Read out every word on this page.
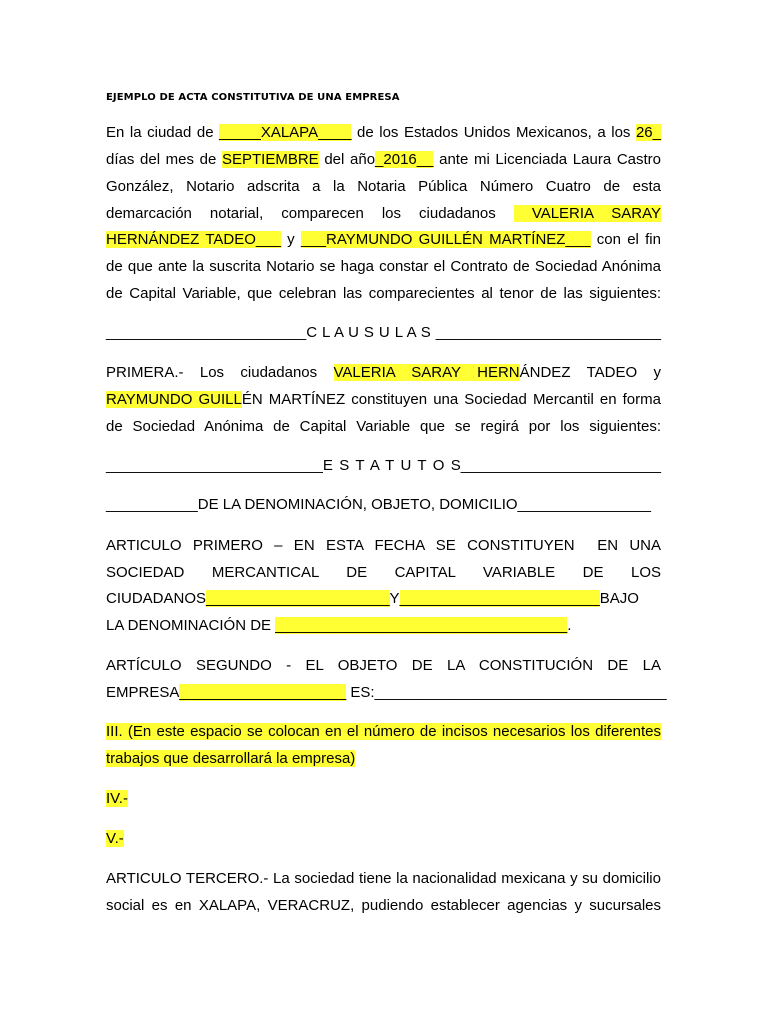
EJEMPLO DE ACTA CONSTITUTIVA DE UNA EMPRESA
En la ciudad de _____XALAPA____ de los Estados Unidos Mexicanos, a los 26_
días del mes de SEPTIEMBRE del año_2016__ ante mi Licenciada Laura Castro
González, Notario adscrita a la Notaria Pública Número Cuatro de esta
demarcación notarial, comparecen los ciudadanos  VALERIA SARAY
HERNÁNDEZ TADEO___ y ___RAYMUNDO GUILLÉN MARTÍNEZ___ con el fin
de que ante la suscrita Notario se haga constar el Contrato de Sociedad Anónima
de Capital Variable, que celebran las comparecientes al tenor de las siguientes:
________________________C L A U S U L A S ___________________________
PRIMERA.- Los ciudadanos VALERIA SARAY HERNÁNDEZ TADEO y
RAYMUNDO GUILLÉN MARTÍNEZ constituyen una Sociedad Mercantil en forma
de Sociedad Anónima de Capital Variable que se regirá por los siguientes:
__________________________E S T A T U T O S________________________
___________DE LA DENOMINACIÓN, OBJETO, DOMICILIO________________
ARTICULO PRIMERO – EN ESTA FECHA SE CONSTITUYEN  EN UNA
SOCIEDAD MERCANTICAL DE CAPITAL VARIABLE DE LOS
CIUDADANOS______________________Y________________________BAJO
LA DENOMINACIÓN DE ___________________________________.
ARTÍCULO SEGUNDO - EL OBJETO DE LA CONSTITUCIÓN DE LA
EMPRESA____________________ ES:___________________________________
III. (En este espacio se colocan en el número de incisos necesarios los diferentes
trabajos que desarrollará la empresa)
IV.-
V.-
ARTICULO TERCERO.- La sociedad tiene la nacionalidad mexicana y su domicilio
social es en XALAPA, VERACRUZ, pudiendo establecer agencias y sucursales
